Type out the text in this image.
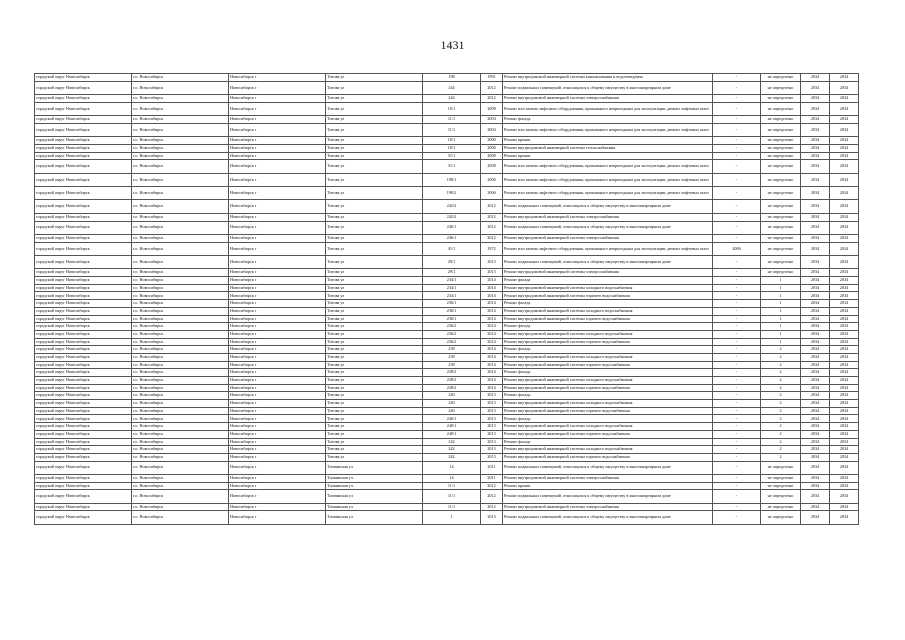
1431
городской округ Новосибирск	г.о. Новосибирск	Новосибирск г	Титова ул	198	1991	Ремонт внутридомовой инженерной системы канализования и водоотведения	-	не определено	2034	2034
городской округ Новосибирск	г.о. Новосибирск	Новосибирск г	Титова ул	244	2012	Ремонт подвальных помещений, относящихся к общему имуществу в многоквартирном доме	-	не определено	2034	2034
городской округ Новосибирск	г.о. Новосибирск	Новосибирск г	Титова ул	244	2012	Ремонт внутридомовой инженерной системы электроснабжения	-	не определено	2034	2034
городской округ Новосибирск	г.о. Новосибирск	Новосибирск г	Титова ул	10/1	2008	Ремонт или замена лифтового оборудования, признанного непригодным для эксплуатации, ремонт лифтовых шахт	-	не определено	2034	2034
городской округ Новосибирск	г.о. Новосибирск	Новосибирск г	Титова ул	11/1	2004	Ремонт фасада	-	не определено	2034	2034
городской округ Новосибирск	г.о. Новосибирск	Новосибирск г	Титова ул	11/1	2004	Ремонт или замена лифтового оборудования, признанного непригодным для эксплуатации, ремонт лифтовых шахт	-	не определено	2034	2034
городской округ Новосибирск	г.о. Новосибирск	Новосибирск г	Титова ул	18/1	2000	Ремонт крыши	-	не определено	2034	2034
городской округ Новосибирск	г.о. Новосибирск	Новосибирск г	Титова ул	18/1	2006	Ремонт внутридомовой инженерной системы теплоснабжения	-	не определено	2034	2034
городской округ Новосибирск	г.о. Новосибирск	Новосибирск г	Титова ул	31/1	2008	Ремонт крыши	-	не определено	2034	2034
городской округ Новосибирск	г.о. Новосибирск	Новосибирск г	Титова ул	31/1	2008	Ремонт или замена лифтового оборудования, признанного непригодным для эксплуатации, ремонт лифтовых шахт	-	не определено	2034	2034
городской округ Новосибирск	г.о. Новосибирск	Новосибирск г	Титова ул	198/1	2006	Ремонт или замена лифтового оборудования, признанного непригодным для эксплуатации, ремонт лифтовых шахт	-	не определено	2034	2034
городской округ Новосибирск	г.о. Новосибирск	Новосибирск г	Титова ул	198/2	2006	Ремонт или замена лифтового оборудования, признанного непригодным для эксплуатации, ремонт лифтовых шахт	-	не определено	2034	2034
городской округ Новосибирск	г.о. Новосибирск	Новосибирск г	Титова ул	242/2	2012	Ремонт подвальных помещений, относящихся к общему имуществу в многоквартирном доме	-	не определено	2034	2034
городской округ Новосибирск	г.о. Новосибирск	Новосибирск г	Титова ул	242/2	2012	Ремонт внутридомовой инженерной системы электроснабжения	-	не определено	2034	2034
городской округ Новосибирск	г.о. Новосибирск	Новосибирск г	Титова ул	246/1	2012	Ремонт подвальных помещений, относящихся к общему имуществу в многоквартирном доме	-	не определено	2034	2034
городской округ Новосибирск	г.о. Новосибирск	Новосибирск г	Титова ул	246/1	2012	Ремонт внутридомовой инженерной системы электроснабжения	-	не определено	2034	2034
городской округ Новосибирск	г.о. Новосибирск	Новосибирск г	Титова ул	41/1	1972	Ремонт или замена лифтового оборудования, признанного непригодным для эксплуатации, ремонт лифтовых шахт	2006	не определено	2034	2034
городской округ Новосибирск	г.о. Новосибирск	Новосибирск г	Титова ул	29/1	2013	Ремонт подвальных помещений, относящихся к общему имуществу в многоквартирном доме	-	не определено	2034	2034
городской округ Новосибирск	г.о. Новосибирск	Новосибирск г	Титова ул	29/1	2013	Ремонт внутридомовой инженерной системы электроснабжения	-	не определено	2034	2034
городской округ Новосибирск	г.о. Новосибирск	Новосибирск г	Титова ул	234/1	2014	Ремонт фасада	-	1	2034	2034
городской округ Новосибирск	г.о. Новосибирск	Новосибирск г	Титова ул	234/1	2014	Ремонт внутридомовой инженерной системы холодного водоснабжения	-	1	2034	2034
городской округ Новосибирск	г.о. Новосибирск	Новосибирск г	Титова ул	234/1	2014	Ремонт внутридомовой инженерной системы горячего водоснабжения	-	1	2034	2034
городской округ Новосибирск	г.о. Новосибирск	Новосибирск г	Титова ул	236/1	2014	Ремонт фасада	-	1	2034	2034
городской округ Новосибирск	г.о. Новосибирск	Новосибирск г	Титова ул	236/1	2014	Ремонт внутридомовой инженерной системы холодного водоснабжения	-	1	2034	2034
городской округ Новосибирск	г.о. Новосибирск	Новосибирск г	Титова ул	236/1	2014	Ремонт внутридомовой инженерной системы горячего водоснабжения	-	1	2034	2034
городской округ Новосибирск	г.о. Новосибирск	Новосибирск г	Титова ул	236/2	2014	Ремонт фасада	-	1	2034	2034
городской округ Новосибирск	г.о. Новосибирск	Новосибирск г	Титова ул	236/2	2014	Ремонт внутридомовой инженерной системы холодного водоснабжения	-	1	2034	2034
городской округ Новосибирск	г.о. Новосибирск	Новосибирск г	Титова ул	236/2	2014	Ремонт внутридомовой инженерной системы горячего водоснабжения	-	1	2034	2034
городской округ Новосибирск	г.о. Новосибирск	Новосибирск г	Титова ул	238	2014	Ремонт фасада	-	2	2034	2034
городской округ Новосибирск	г.о. Новосибирск	Новосибирск г	Титова ул	238	2014	Ремонт внутридомовой инженерной системы холодного водоснабжения	-	2	2034	2034
городской округ Новосибирск	г.о. Новосибирск	Новосибирск г	Титова ул	238	2014	Ремонт внутридомовой инженерной системы горячего водоснабжения	-	2	2034	2034
городской округ Новосибирск	г.о. Новосибирск	Новосибирск г	Титова ул	238/2	2014	Ремонт фасада	-	2	2034	2034
городской округ Новосибирск	г.о. Новосибирск	Новосибирск г	Титова ул	238/2	2014	Ремонт внутридомовой инженерной системы холодного водоснабжения	-	2	2034	2034
городской округ Новосибирск	г.о. Новосибирск	Новосибирск г	Титова ул	238/2	2014	Ремонт внутридомовой инженерной системы горячего водоснабжения	-	2	2034	2034
городской округ Новосибирск	г.о. Новосибирск	Новосибирск г	Титова ул	240	2013	Ремонт фасада	-	2	2034	2034
городской округ Новосибирск	г.о. Новосибирск	Новосибирск г	Титова ул	240	2013	Ремонт внутридомовой инженерной системы холодного водоснабжения	-	2	2034	2034
городской округ Новосибирск	г.о. Новосибирск	Новосибирск г	Титова ул	240	2013	Ремонт внутридомовой инженерной системы горячего водоснабжения	-	2	2034	2034
городской округ Новосибирск	г.о. Новосибирск	Новосибирск г	Титова ул	240/1	2013	Ремонт фасада	-	2	2034	2034
городской округ Новосибирск	г.о. Новосибирск	Новосибирск г	Титова ул	240/1	2013	Ремонт внутридомовой инженерной системы холодного водоснабжения	-	2	2034	2034
городской округ Новосибирск	г.о. Новосибирск	Новосибирск г	Титова ул	240/1	2013	Ремонт внутридомовой инженерной системы горячего водоснабжения	-	2	2034	2034
городской округ Новосибирск	г.о. Новосибирск	Новосибирск г	Титова ул	242	2013	Ремонт фасада	-	2	2034	2034
городской округ Новосибирск	г.о. Новосибирск	Новосибирск г	Титова ул	242	2013	Ремонт внутридомовой инженерной системы холодного водоснабжения	-	2	2034	2034
городской округ Новосибирск	г.о. Новосибирск	Новосибирск г	Титова ул	242	2013	Ремонт внутридомовой инженерной системы горячего водоснабжения	-	2	2034	2034
городской округ Новосибирск	г.о. Новосибирск	Новосибирск г	Тихвинская ул	14	2011	Ремонт подвальных помещений, относящихся к общему имуществу в многоквартирном доме	-	не определено	2034	2034
городской округ Новосибирск	г.о. Новосибирск	Новосибирск г	Тихвинская ул	14	2011	Ремонт внутридомовой инженерной системы электроснабжения	-	не определено	2034	2034
городской округ Новосибирск	г.о. Новосибирск	Новосибирск г	Тихвинская ул	11/1	2012	Ремонт крыши	-	не определено	2034	2034
городской округ Новосибирск	г.о. Новосибирск	Новосибирск г	Тихвинская ул	11/1	2012	Ремонт подвальных помещений, относящихся к общему имуществу в многоквартирном доме	-	не определено	2034	2034
городской округ Новосибирск	г.о. Новосибирск	Новосибирск г	Тихвинская ул	11/1	2012	Ремонт внутридомовой инженерной системы электроснабжения	-	не определено	2034	2034
городской округ Новосибирск	г.о. Новосибирск	Новосибирск г	Тихвинская ул	1	2013	Ремонт подвальных помещений, относящихся к общему имуществу в многоквартирном доме	-	не определено	2034	2034
